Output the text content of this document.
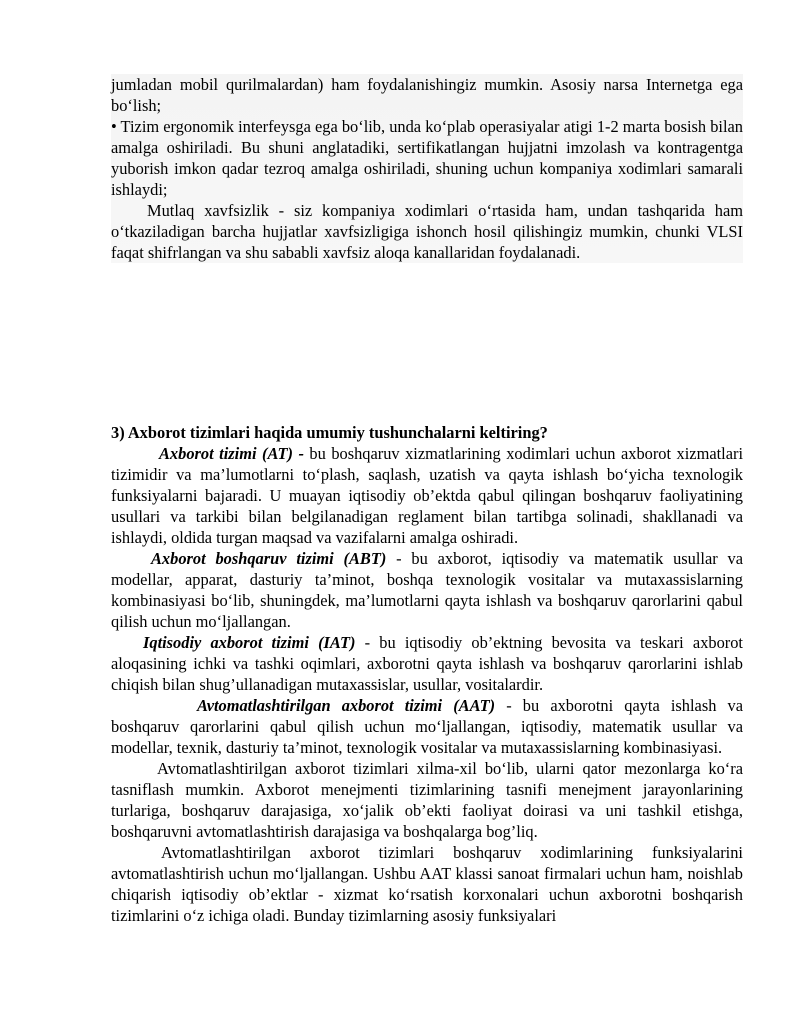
jumladan mobil qurilmalardan) ham foydalanishingiz mumkin. Asosiy narsa Internetga ega bo‘lish;

• Tizim ergonomik interfeysga ega bo‘lib, unda ko‘plab operasiyalar atigi 1-2 marta bosish bilan amalga oshiriladi. Bu shuni anglatadiki, sertifikatlangan hujjatni imzolash va kontragentga yuborish imkon qadar tezroq amalga oshiriladi, shuning uchun kompaniya xodimlari samarali ishlaydi;

Mutlaq xavfsizlik - siz kompaniya xodimlari o‘rtasida ham, undan tashqarida ham o‘tkaziladigan barcha hujjatlar xavfsizligiga ishonch hosil qilishingiz mumkin, chunki VLSI faqat shifrlangan va shu sababli xavfsiz aloqa kanallaridan foydalanadi.

3) Axborot tizimlari haqida umumiy tushunchalarni keltiring?

Axborot tizimi (AT) - bu boshqaruv xizmatlarining xodimlari uchun axborot xizmatlari tizimidir va ma’lumotlarni to‘plash, saqlash, uzatish va qayta ishlash bo‘yicha texnologik funksiyalarni bajaradi. U muayan iqtisodiy ob’ektda qabul qilingan boshqaruv faoliyatining usullari va tarkibi bilan belgilanadigan reglament bilan tartibga solinadi, shakllanadi va ishlaydi, oldida turgan maqsad va vazifalarni amalga oshiradi.

Axborot boshqaruv tizimi (ABT) - bu axborot, iqtisodiy va matematik usullar va modellar, apparat, dasturiy ta’minot, boshqa texnologik vositalar va mutaxassislarning kombinasiyasi bo‘lib, shuningdek, ma’lumotlarni qayta ishlash va boshqaruv qarorlarini qabul qilish uchun mo‘ljallangan.

Iqtisodiy axborot tizimi (IAT) - bu iqtisodiy ob’ektning bevosita va teskari axborot aloqasining ichki va tashki oqimlari, axborotni qayta ishlash va boshqaruv qarorlarini ishlab chiqish bilan shug’ullanadigan mutaxassislar, usullar, vositalardir.

Avtomatlashtirilgan axborot tizimi (AAT) - bu axborotni qayta ishlash va boshqaruv qarorlarini qabul qilish uchun mo‘ljallangan, iqtisodiy, matematik usullar va modellar, texnik, dasturiy ta’minot, texnologik vositalar va mutaxassislarning kombinasiyasi.

Avtomatlashtirilgan axborot tizimlari xilma-xil bo‘lib, ularni qator mezonlarga ko‘ra tasniflash mumkin. Axborot menejmenti tizimlarining tasnifi menejment jarayonlarining turlariga, boshqaruv darajasiga, xo‘jalik ob’ekti faoliyat doirasi va uni tashkil etishga, boshqaruvni avtomatlashtirish darajasiga va boshqalarga bog’liq.

Avtomatlashtirilgan axborot tizimlari boshqaruv xodimlarining funksiyalarini avtomatlashtirish uchun mo‘ljallangan. Ushbu AAT klassi sanoat firmalari uchun ham, noishlab chiqarish iqtisodiy ob’ektlar - xizmat ko‘rsatish korxonalari uchun axborotni boshqarish tizimlarini o‘z ichiga oladi. Bunday tizimlarning asosiy funksiyalari
